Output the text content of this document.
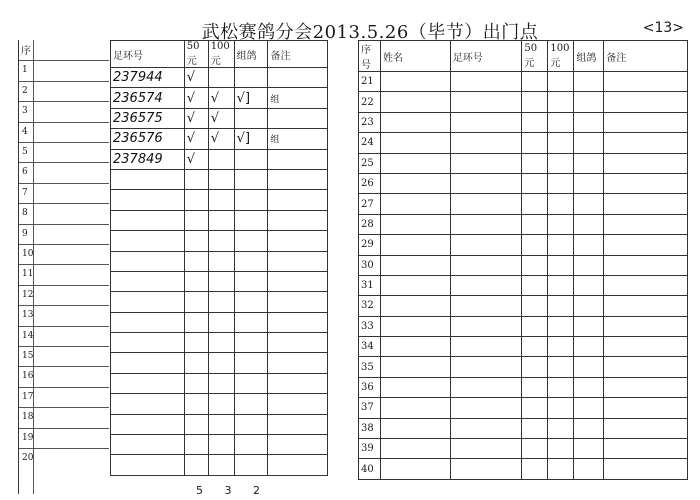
武松赛鸽分会2013.5.26（毕节）出门点	<13>
序
1
2
3
4
5
6
7
8
9
10
11
12
13
14
15
16
17
18
19
20
足环号	50元	100元	组鸽	备注
237944	√			
236574	√	√	√]	组
236575	√	√		
236576	√	√	√]	组
237849	√			

序号	姓名	足环号	50元	100元	组鸽	备注
21						
22						
23						
24						
25						
26						
27						
28						
29						
30						
31						
32						
33						
34						
35						
36						
37						
38						
39						
40						
5 3 2
